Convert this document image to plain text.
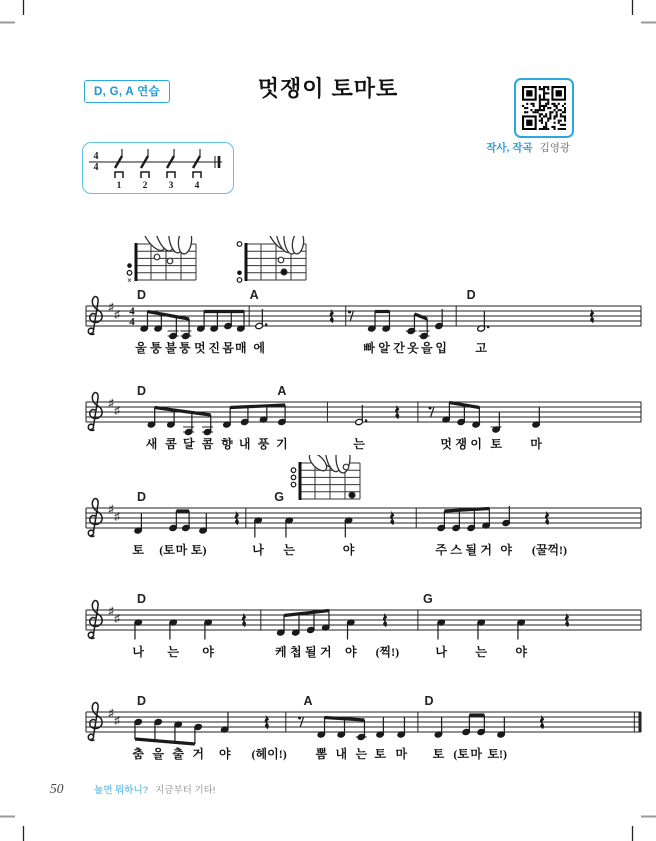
D, G, A 연습	멋쟁이 토마토
작사, 작곡 김영광
4
4
1 2 3 4
×
♯
♯ 4
4
D	A	D
울 퉁 불 퉁 멋 진 몸 매 에	빠 알 간 옷 을 입 고
♯
♯
D	A
새 콤 달 콤 향 내 풍 기	는	멋 쟁 이 토 마
♯
♯
D	G
토 (토 마 토)	나 는	야	주 스 될 거 야 (꿀꺽!)
♯
♯
D	G
나 는 야	케 첩 될 거 야 (찍!)	나 는 야
♯
♯
D	A	D
춤 을 출 거 야 (헤이!) 뽐 내 는 토 마 토 (토 마 토!)
50	놀면 뭐하니? 지금부터 기타!
